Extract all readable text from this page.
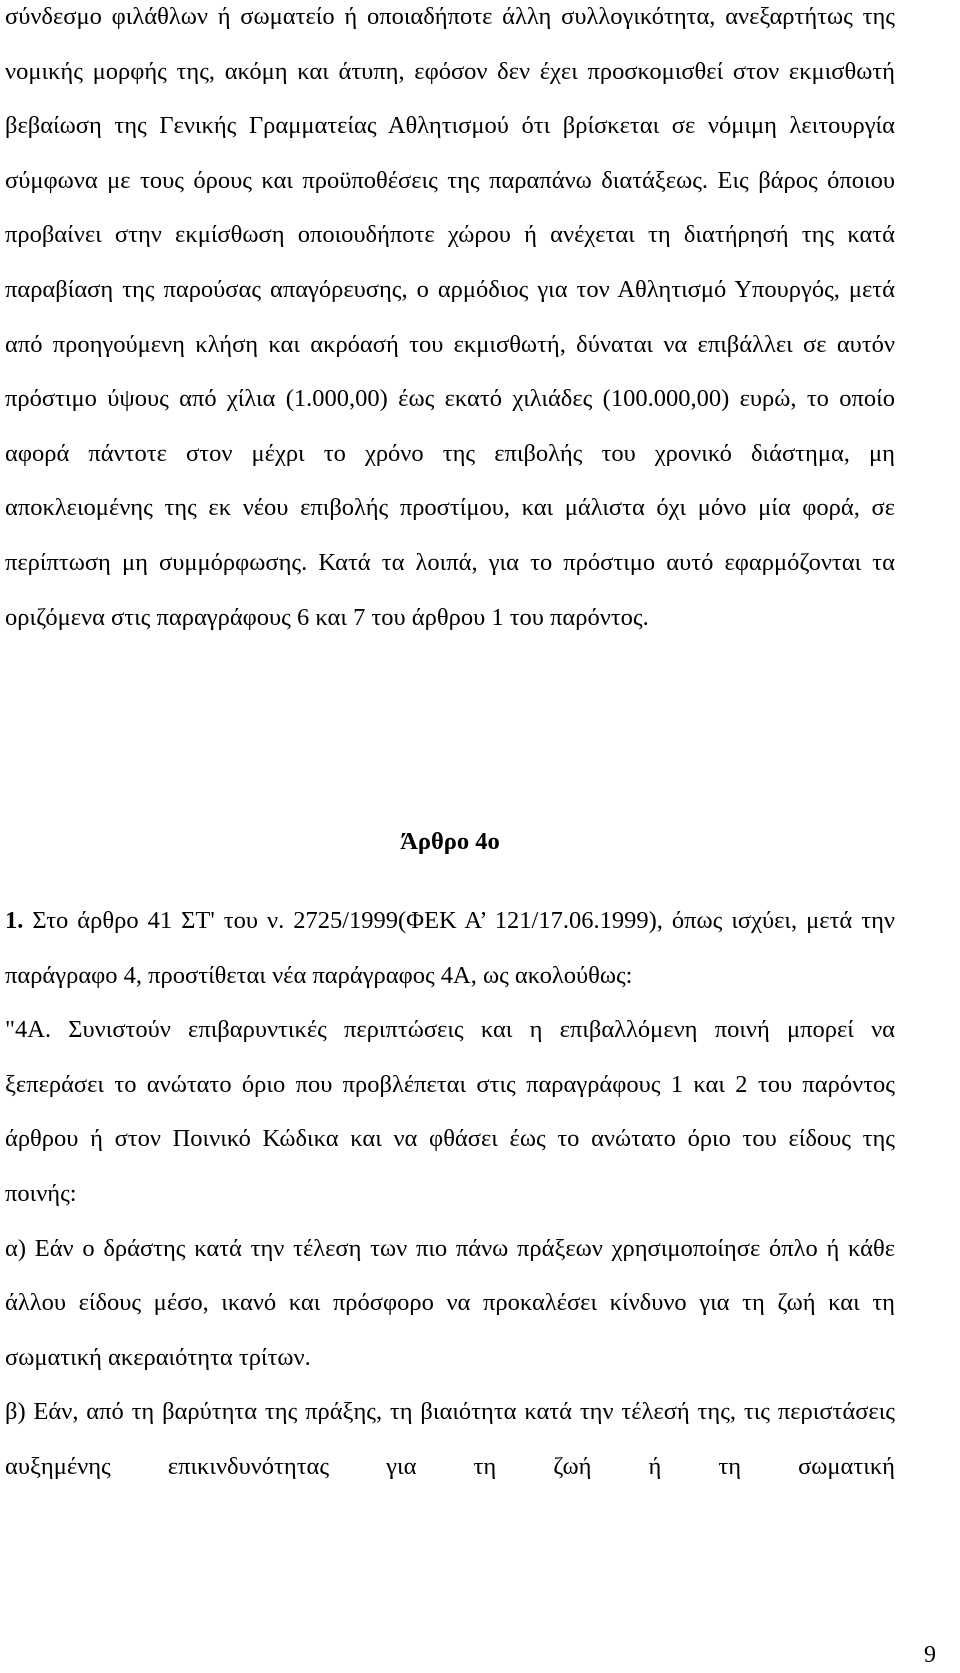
σύνδεσμο φιλάθλων ή σωματείο ή οποιαδήποτε άλλη συλλογικότητα, ανεξαρτήτως της νομικής μορφής της, ακόμη και άτυπη, εφόσον δεν έχει προσκομισθεί στον εκμισθωτή βεβαίωση της Γενικής Γραμματείας Αθλητισμού ότι βρίσκεται σε νόμιμη λειτουργία σύμφωνα με τους όρους και προϋποθέσεις της παραπάνω διατάξεως. Εις βάρος όποιου προβαίνει στην εκμίσθωση οποιουδήποτε χώρου ή ανέχεται τη διατήρησή της κατά παραβίαση της παρούσας απαγόρευσης, ο αρμόδιος για τον Αθλητισμό Υπουργός, μετά από προηγούμενη κλήση και ακρόασή του εκμισθωτή, δύναται να επιβάλλει σε αυτόν πρόστιμο ύψους από χίλια (1.000,00) έως εκατό χιλιάδες (100.000,00) ευρώ, το οποίο αφορά πάντοτε στον μέχρι το χρόνο της επιβολής του χρονικό διάστημα, μη αποκλειομένης της εκ νέου επιβολής προστίμου, και μάλιστα όχι μόνο μία φορά, σε περίπτωση μη συμμόρφωσης. Κατά τα λοιπά, για το πρόστιμο αυτό εφαρμόζονται τα οριζόμενα στις παραγράφους 6 και 7 του άρθρου 1 του παρόντος.

Άρθρο 4ο

1. Στο άρθρο 41 ΣΤ' του ν. 2725/1999(ΦΕΚ Α’ 121/17.06.1999), όπως ισχύει, μετά την παράγραφο 4, προστίθεται νέα παράγραφος 4Α, ως ακολούθως:

"4Α. Συνιστούν επιβαρυντικές περιπτώσεις και η επιβαλλόμενη ποινή μπορεί να ξεπεράσει το ανώτατο όριο που προβλέπεται στις παραγράφους 1 και 2 του παρόντος άρθρου ή στον Ποινικό Κώδικα και να φθάσει έως το ανώτατο όριο του είδους της ποινής:

α) Εάν ο δράστης κατά την τέλεση των πιο πάνω πράξεων χρησιμοποίησε όπλο ή κάθε άλλου είδους μέσο, ικανό και πρόσφορο να προκαλέσει κίνδυνο για τη ζωή και τη σωματική ακεραιότητα τρίτων.

β) Εάν, από τη βαρύτητα της πράξης, τη βιαιότητα κατά την τέλεσή της, τις περιστάσεις αυξημένης επικινδυνότητας για τη ζωή ή τη σωματική

9
